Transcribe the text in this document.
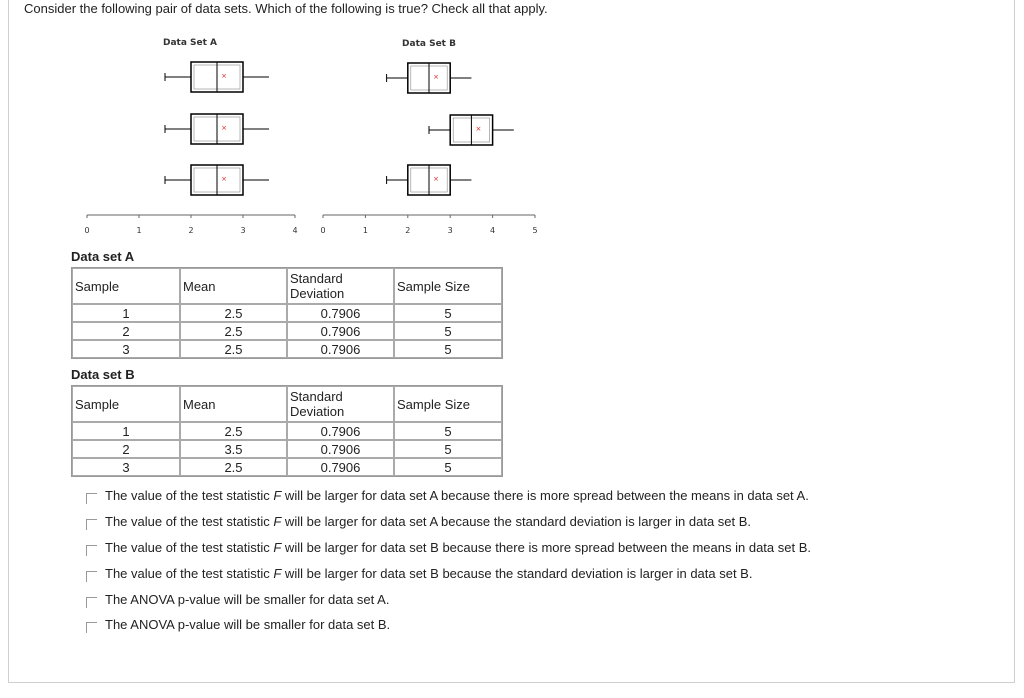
Consider the following pair of data sets. Which of the following is true? Check all that apply.
Data Set A
0	1	2	3	4
×
×
×
Data Set B
0	1	2	3	4	5
×
×
×
Data set A
Sample	Mean	Standard Deviation	Sample Size
1	2.5	0.7906	5
2	2.5	0.7906	5
3	2.5	0.7906	5
Data set B
Sample	Mean	Standard Deviation	Sample Size
1	2.5	0.7906	5
2	3.5	0.7906	5
3	2.5	0.7906	5
The value of the test statistic F will be larger for data set A because there is more spread between the means in data set A.
The value of the test statistic F will be larger for data set A because the standard deviation is larger in data set B.
The value of the test statistic F will be larger for data set B because there is more spread between the means in data set B.
The value of the test statistic F will be larger for data set B because the standard deviation is larger in data set B.
The ANOVA p-value will be smaller for data set A.
The ANOVA p-value will be smaller for data set B.
